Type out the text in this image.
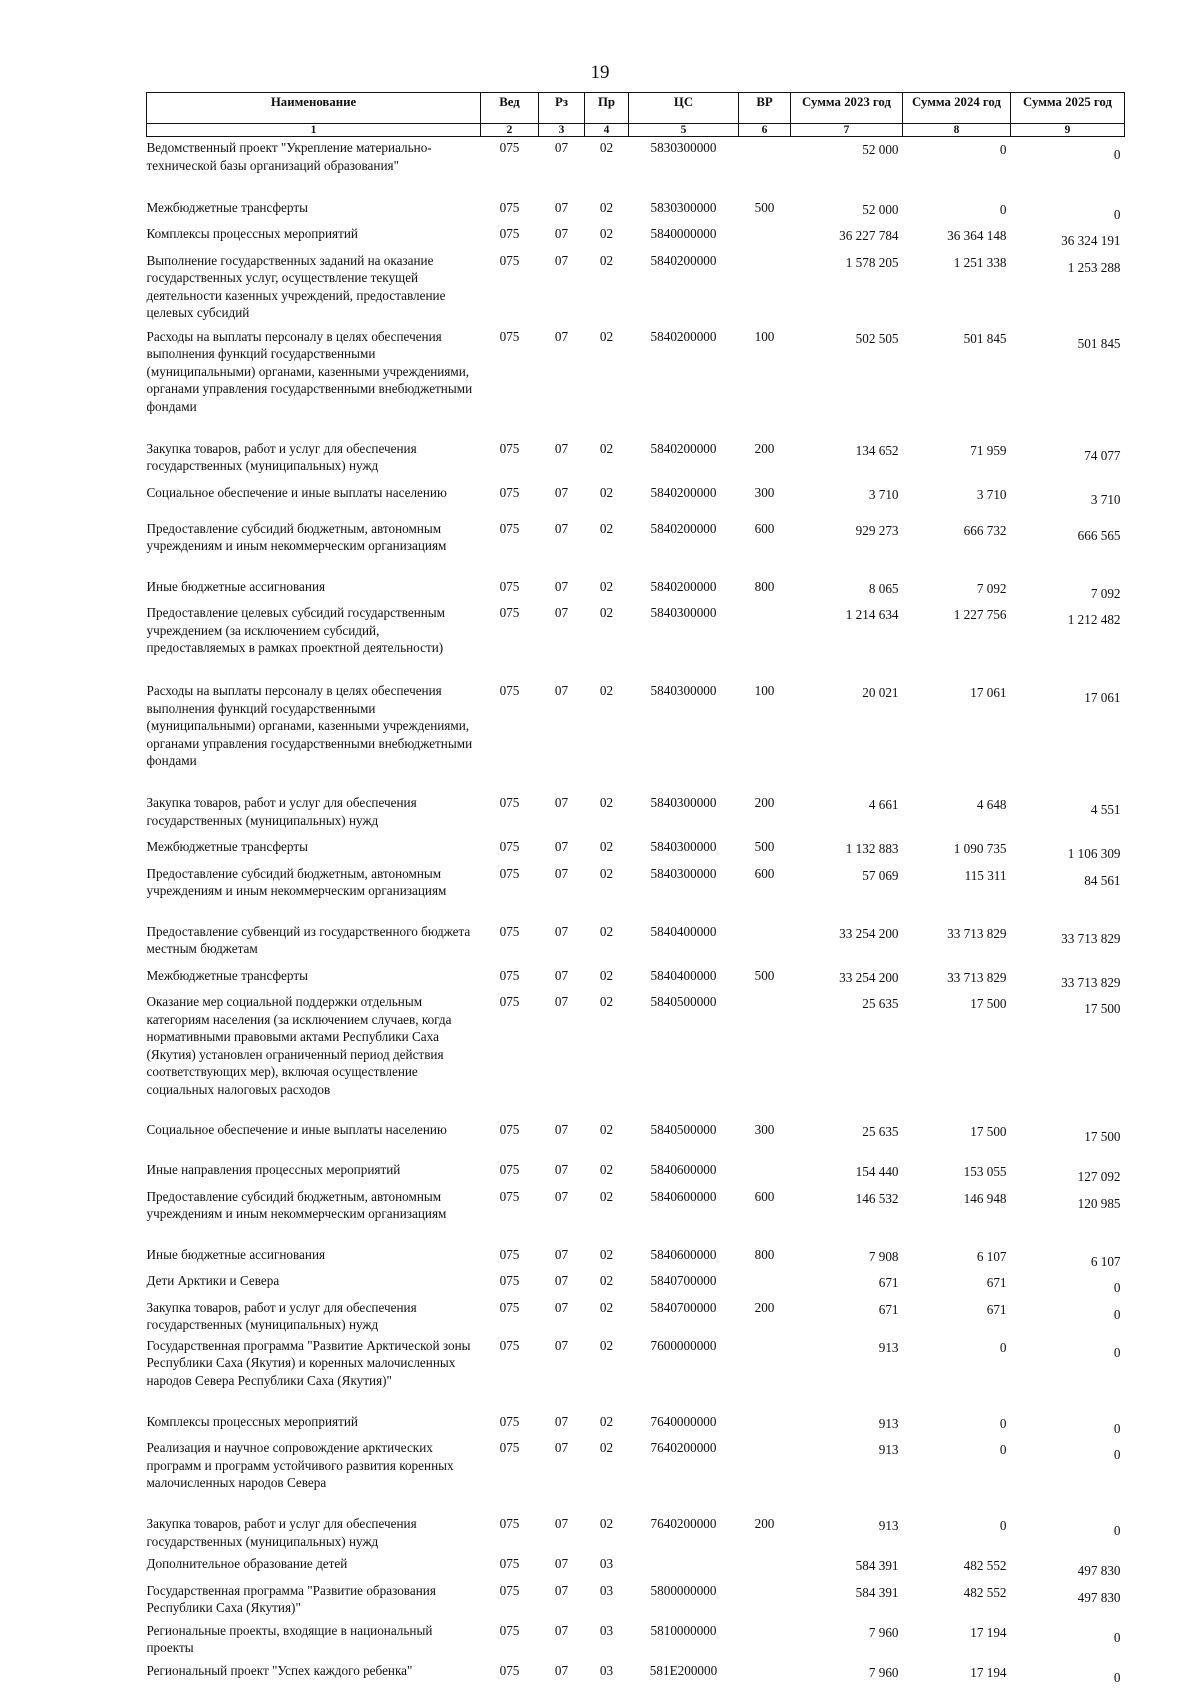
19
Наименование	Вед	Рз	Пр	ЦС	ВР	Сумма 2023 год	Сумма 2024 год	Сумма 2025 год
1	2	3	4	5	6	7	8	9
Ведомственный проект "Укрепление материально-технической базы организаций образования"	075	07	02	5830300000		52 000	0	0
Межбюджетные трансферты	075	07	02	5830300000	500	52 000	0	0
Комплексы процессных мероприятий	075	07	02	5840000000		36 227 784	36 364 148	36 324 191
Выполнение государственных заданий на оказание государственных услуг, осуществление текущей деятельности казенных учреждений, предоставление целевых субсидий	075	07	02	5840200000		1 578 205	1 251 338	1 253 288
Расходы на выплаты персоналу в целях обеспечения выполнения функций государственными (муниципальными) органами, казенными учреждениями, органами управления государственными внебюджетными фондами	075	07	02	5840200000	100	502 505	501 845	501 845
Закупка товаров, работ и услуг для обеспечения государственных (муниципальных) нужд	075	07	02	5840200000	200	134 652	71 959	74 077
Социальное обеспечение и иные выплаты населению	075	07	02	5840200000	300	3 710	3 710	3 710
Предоставление субсидий бюджетным, автономным учреждениям и иным некоммерческим организациям	075	07	02	5840200000	600	929 273	666 732	666 565
Иные бюджетные ассигнования	075	07	02	5840200000	800	8 065	7 092	7 092
Предоставление целевых субсидий государственным учреждением (за исключением субсидий, предоставляемых в рамках проектной деятельности)	075	07	02	5840300000		1 214 634	1 227 756	1 212 482
Расходы на выплаты персоналу в целях обеспечения выполнения функций государственными (муниципальными) органами, казенными учреждениями, органами управления государственными внебюджетными фондами	075	07	02	5840300000	100	20 021	17 061	17 061
Закупка товаров, работ и услуг для обеспечения государственных (муниципальных) нужд	075	07	02	5840300000	200	4 661	4 648	4 551
Межбюджетные трансферты	075	07	02	5840300000	500	1 132 883	1 090 735	1 106 309
Предоставление субсидий бюджетным, автономным учреждениям и иным некоммерческим организациям	075	07	02	5840300000	600	57 069	115 311	84 561
Предоставление субвенций из государственного бюджета местным бюджетам	075	07	02	5840400000		33 254 200	33 713 829	33 713 829
Межбюджетные трансферты	075	07	02	5840400000	500	33 254 200	33 713 829	33 713 829
Оказание мер социальной поддержки отдельным категориям населения (за исключением случаев, когда нормативными правовыми актами Республики Саха (Якутия) установлен ограниченный период действия соответствующих мер), включая осуществление социальных налоговых расходов	075	07	02	5840500000		25 635	17 500	17 500
Социальное обеспечение и иные выплаты населению	075	07	02	5840500000	300	25 635	17 500	17 500
Иные направления процессных мероприятий	075	07	02	5840600000		154 440	153 055	127 092
Предоставление субсидий бюджетным, автономным учреждениям и иным некоммерческим организациям	075	07	02	5840600000	600	146 532	146 948	120 985
Иные бюджетные ассигнования	075	07	02	5840600000	800	7 908	6 107	6 107
Дети Арктики и Севера	075	07	02	5840700000		671	671	0
Закупка товаров, работ и услуг для обеспечения государственных (муниципальных) нужд	075	07	02	5840700000	200	671	671	0
Государственная программа "Развитие Арктической зоны Республики Саха (Якутия) и коренных малочисленных народов Севера Республики Саха (Якутия)"	075	07	02	7600000000		913	0	0
Комплексы процессных мероприятий	075	07	02	7640000000		913	0	0
Реализация и научное сопровождение арктических программ и программ устойчивого развития коренных малочисленных народов Севера	075	07	02	7640200000		913	0	0
Закупка товаров, работ и услуг для обеспечения государственных (муниципальных) нужд	075	07	02	7640200000	200	913	0	0
Дополнительное образование детей	075	07	03			584 391	482 552	497 830
Государственная программа "Развитие образования Республики Саха (Якутия)"	075	07	03	5800000000		584 391	482 552	497 830
Региональные проекты, входящие в национальный проекты	075	07	03	5810000000		7 960	17 194	0
Региональный проект "Успех каждого ребенка"	075	07	03	581E200000		7 960	17 194	0
